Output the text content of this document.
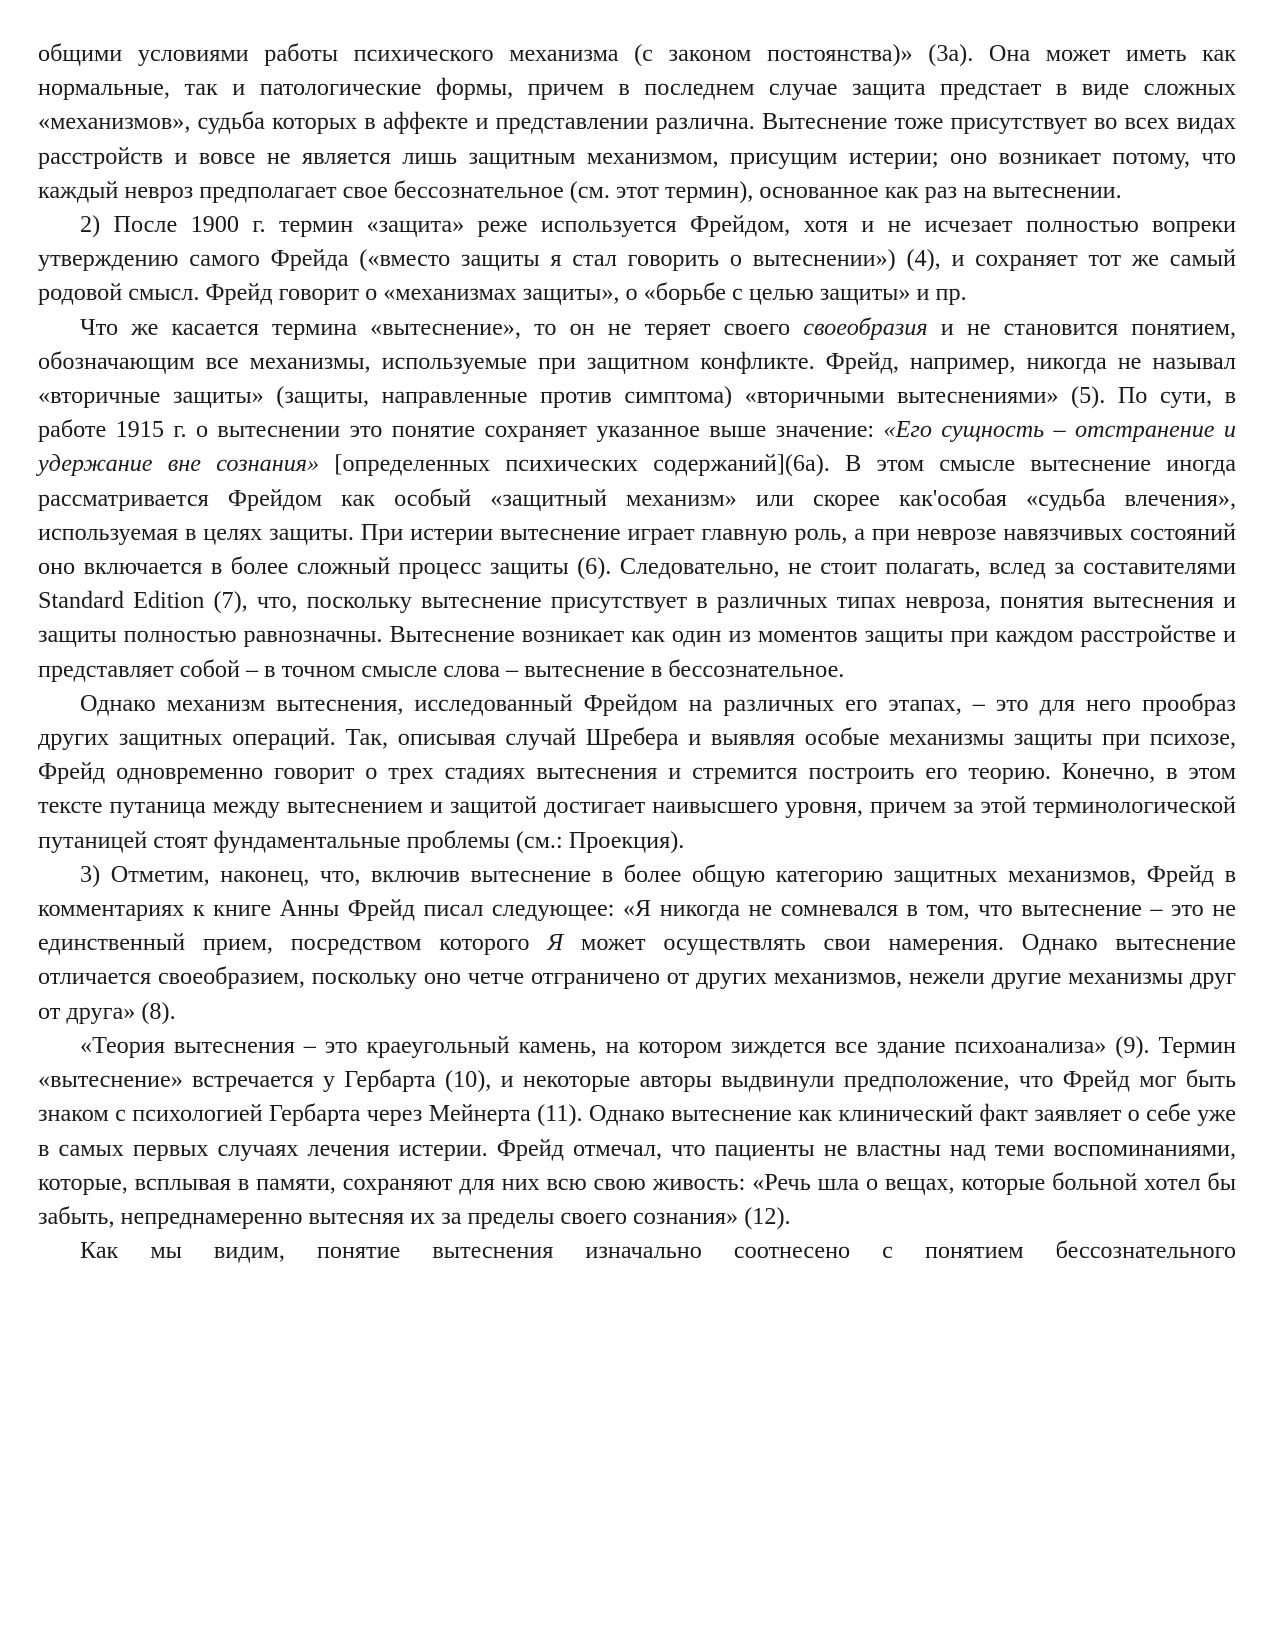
общими условиями работы психического механизма (с законом постоянства)» (3а). Она может иметь как нормальные, так и патологические формы, причем в последнем случае защита предстает в виде сложных «механизмов», судьба которых в аффекте и представлении различна. Вытеснение тоже присутствует во всех видах расстройств и вовсе не является лишь защитным механизмом, присущим истерии; оно возникает потому, что каждый невроз предполагает свое бессознательное (см. этот термин), основанное как раз на вытеснении.

2) После 1900 г. термин «защита» реже используется Фрейдом, хотя и не исчезает полностью вопреки утверждению самого Фрейда («вместо защиты я стал говорить о вытеснении») (4), и сохраняет тот же самый родовой смысл. Фрейд говорит о «механизмах защиты», о «борьбе с целью защиты» и пр.

Что же касается термина «вытеснение», то он не теряет своего своеобразия и не становится понятием, обозначающим все механизмы, используемые при защитном конфликте. Фрейд, например, никогда не называл «вторичные защиты» (защиты, направленные против симптома) «вторичными вытеснениями» (5). По сути, в работе 1915 г. о вытеснении это понятие сохраняет указанное выше значение: «Его сущность – отстранение и удержание вне сознания» [определенных психических содержаний](6а). В этом смысле вытеснение иногда рассматривается Фрейдом как особый «защитный механизм» или скорее как'особая «судьба влечения», используемая в целях защиты. При истерии вытеснение играет главную роль, а при неврозе навязчивых состояний оно включается в более сложный процесс защиты (6). Следовательно, не стоит полагать, вслед за составителями Standard Edition (7), что, поскольку вытеснение присутствует в различных типах невроза, понятия вытеснения и защиты полностью равнозначны. Вытеснение возникает как один из моментов защиты при каждом расстройстве и представляет собой – в точном смысле слова – вытеснение в бессознательное.

Однако механизм вытеснения, исследованный Фрейдом на различных его этапах, – это для него прообраз других защитных операций. Так, описывая случай Шребера и выявляя особые механизмы защиты при психозе, Фрейд одновременно говорит о трех стадиях вытеснения и стремится построить его теорию. Конечно, в этом тексте путаница между вытеснением и защитой достигает наивысшего уровня, причем за этой терминологической путаницей стоят фундаментальные проблемы (см.: Проекция).

3) Отметим, наконец, что, включив вытеснение в более общую категорию защитных механизмов, Фрейд в комментариях к книге Анны Фрейд писал следующее: «Я никогда не сомневался в том, что вытеснение – это не единственный прием, посредством которого Я может осуществлять свои намерения. Однако вытеснение отличается своеобразием, поскольку оно четче отграничено от других механизмов, нежели другие механизмы друг от друга» (8).

«Теория вытеснения – это краеугольный камень, на котором зиждется все здание психоанализа» (9). Термин «вытеснение» встречается у Гербарта (10), и некоторые авторы выдвинули предположение, что Фрейд мог быть знаком с психологией Гербарта через Мейнерта (11). Однако вытеснение как клинический факт заявляет о себе уже в самых первых случаях лечения истерии. Фрейд отмечал, что пациенты не властны над теми воспоминаниями, которые, всплывая в памяти, сохраняют для них всю свою живость: «Речь шла о вещах, которые больной хотел бы забыть, непреднамеренно вытесняя их за пределы своего сознания» (12).

Как мы видим, понятие вытеснения изначально соотнесено с понятием бессознательного
